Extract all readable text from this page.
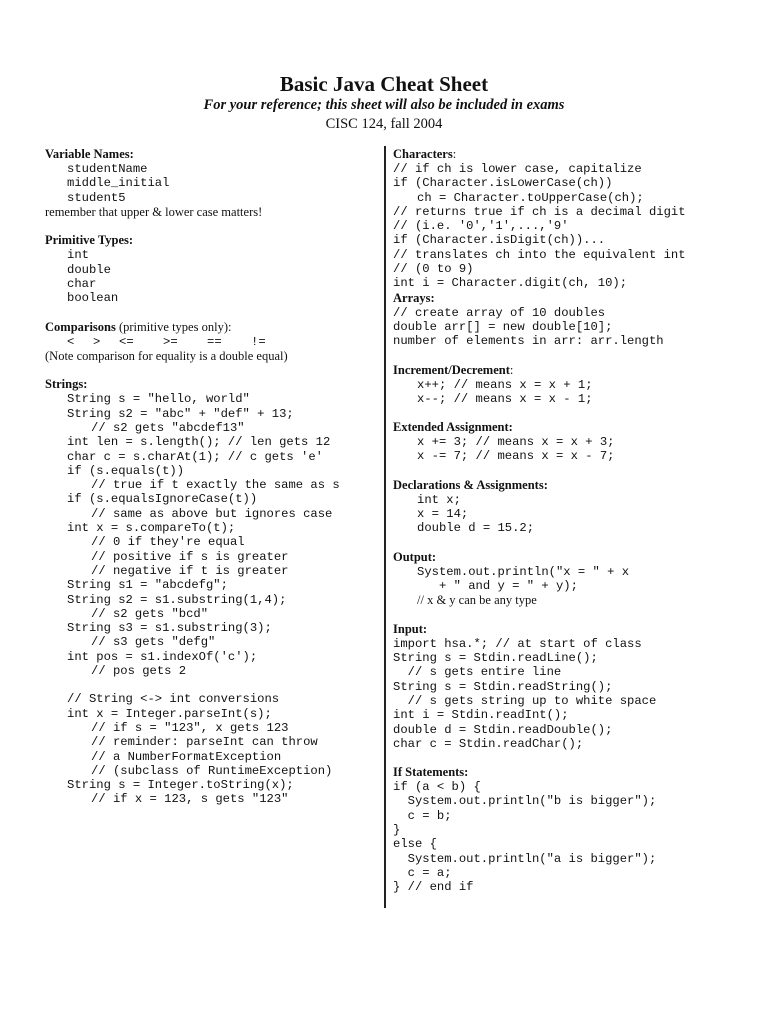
Basic Java Cheat Sheet
For your reference; this sheet will also be included in exams
CISC 124, fall 2004
Variable Names:
studentName
middle_initial
student5
remember that upper & lower case matters!
Primitive Types:
int
double
char
boolean
Comparisons (primitive types only):
< > <= >= == !=
(Note comparison for equality is a double equal)
Strings:
String s = "hello, world"
String s2 = "abc" + "def" + 13;
// s2 gets "abcdef13"
int len = s.length(); // len gets 12
char c = s.charAt(1); // c gets 'e'
if (s.equals(t))
// true if t exactly the same as s
if (s.equalsIgnoreCase(t))
// same as above but ignores case
int x = s.compareTo(t);
// 0 if they're equal
// positive if s is greater
// negative if t is greater
String s1 = "abcdefg";
String s2 = s1.substring(1,4);
// s2 gets "bcd"
String s3 = s1.substring(3);
// s3 gets "defg"
int pos = s1.indexOf('c');
// pos gets 2
// String <-> int conversions
int x = Integer.parseInt(s);
// if s = "123", x gets 123
// reminder: parseInt can throw
// a NumberFormatException
// (subclass of RuntimeException)
String s = Integer.toString(x);
// if x = 123, s gets "123"
Characters:
// if ch is lower case, capitalize
if (Character.isLowerCase(ch))
ch = Character.toUpperCase(ch);
// returns true if ch is a decimal digit
// (i.e. '0','1',...,'9'
if (Character.isDigit(ch))...
// translates ch into the equivalent int
// (0 to 9)
int i = Character.digit(ch, 10);
Arrays:
// create array of 10 doubles
double arr[] = new double[10];
number of elements in arr: arr.length
Increment/Decrement:
x++; // means x = x + 1;
x--; // means x = x - 1;
Extended Assignment:
x += 3; // means x = x + 3;
x -= 7; // means x = x - 7;
Declarations & Assignments:
int x;
x = 14;
double d = 15.2;
Output:
System.out.println("x = " + x
+ " and y = " + y);
// x & y can be any type
Input:
import hsa.*; // at start of class
String s = Stdin.readLine();
// s gets entire line
String s = Stdin.readString();
// s gets string up to white space
int i = Stdin.readInt();
double d = Stdin.readDouble();
char c = Stdin.readChar();
If Statements:
if (a < b) {
System.out.println("b is bigger");
c = b;
}
else {
System.out.println("a is bigger");
c = a;
} // end if
